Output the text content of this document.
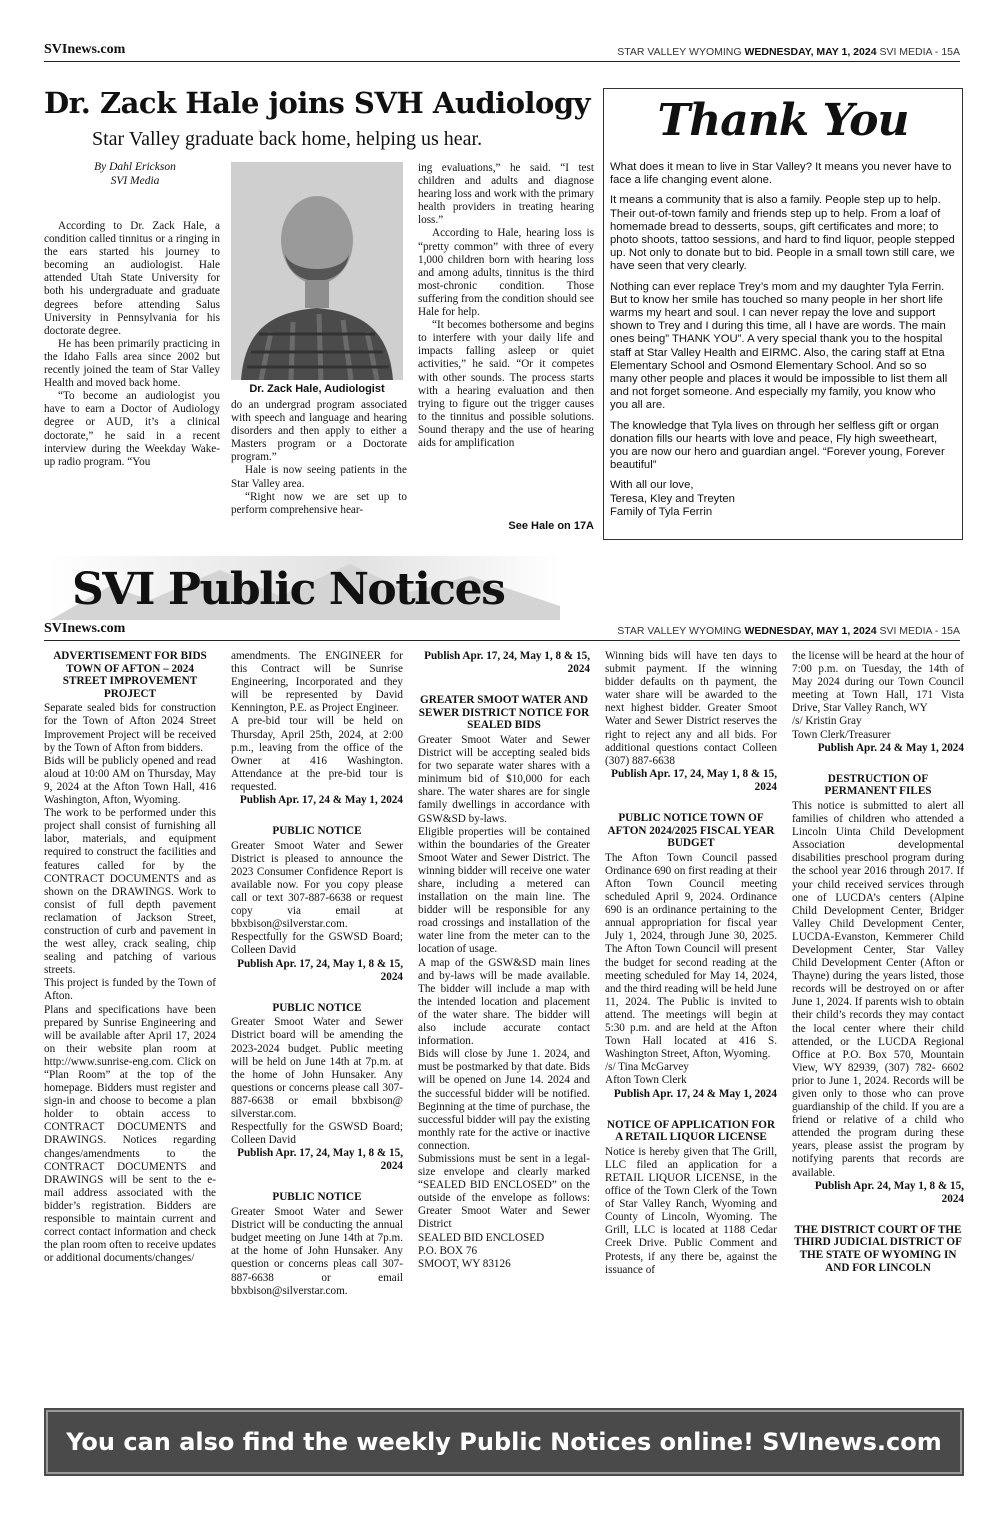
SVInews.com	STAR VALLEY WYOMING WEDNESDAY, MAY 1, 2024 SVI MEDIA - 15A
Dr. Zack Hale joins SVH Audiology
Star Valley graduate back home, helping us hear.
By Dahl Erickson
SVI Media

According to Dr. Zack Hale, a condition called tinnitus or a ringing in the ears started his journey to becoming an audiologist. Hale attended Utah State University for both his undergraduate and graduate degrees before attending Salus University in Pennsylvania for his doctorate degree.

He has been primarily practicing in the Idaho Falls area since 2002 but recently joined the team of Star Valley Health and moved back home.

“To become an audiologist you have to earn a Doctor of Audiology degree or AUD, it’s a clinical doctorate,” he said in a recent interview during the Weekday Wake-up radio program. “You

Dr. Zack Hale, Audiologist

do an undergrad program associated with speech and language and hearing disorders and then apply to either a Masters program or a Doctorate program.”

Hale is now seeing patients in the Star Valley area.

“Right now we are set up to perform comprehensive hear-

ing evaluations,” he said. “I test children and adults and diagnose hearing loss and work with the primary health providers in treating hearing loss.”

According to Hale, hearing loss is “pretty common” with three of every 1,000 children born with hearing loss and among adults, tinnitus is the third most-chronic condition. Those suffering from the condition should see Hale for help.

“It becomes bothersome and begins to interfere with your daily life and impacts falling asleep or quiet activities,” he said. “Or it competes with other sounds. The process starts with a hearing evaluation and then trying to figure out the trigger causes to the tinnitus and possible solutions. Sound therapy and the use of hearing aids for amplification

See Hale on 17A
Thank You

What does it mean to live in Star Valley? It means you never have to face a life changing event alone.

It means a community that is also a family. People step up to help. Their out-of-town family and friends step up to help. From a loaf of homemade bread to desserts, soups, gift certificates and more; to photo shoots, tattoo sessions, and hard to find liquor, people stepped up. Not only to donate but to bid. People in a small town still care, we have seen that very clearly.

Nothing can ever replace Trey’s mom and my daughter Tyla Ferrin. But to know her smile has touched so many people in her short life warms my heart and soul. I can never repay the love and support shown to Trey and I during this time, all I have are words. The main ones being” THANK YOU”. A very special thank you to the hospital staff at Star Valley Health and EIRMC. Also, the caring staff at Etna Elementary School and Osmond Elementary School. And so so many other people and places it would be impossible to list them all and not forget someone. And especially my family, you know who you all are.

The knowledge that Tyla lives on through her selfless gift or organ donation fills our hearts with love and peace, Fly high sweetheart, you are now our hero and guardian angel. “Forever young, Forever beautiful”

With all our love,
Teresa, Kley and Treyten
Family of Tyla Ferrin
SVI Public Notices
SVInews.com	STAR VALLEY WYOMING WEDNESDAY, MAY 1, 2024 SVI MEDIA - 15A
ADVERTISEMENT FOR BIDS TOWN OF AFTON – 2024 STREET IMPROVEMENT PROJECT
Separate sealed bids for construction for the Town of Afton 2024 Street Improvement Project will be received by the Town of Afton from bidders.
Bids will be publicly opened and read aloud at 10:00 AM on Thursday, May 9, 2024 at the Afton Town Hall, 416 Washington, Afton, Wyoming.
The work to be performed under this project shall consist of furnishing all labor, materials, and equipment required to construct the facilities and features called for by the CONTRACT DOCUMENTS and as shown on the DRAWINGS. Work to consist of full depth pavement reclamation of Jackson Street, construction of curb and pavement in the west alley, crack sealing, chip sealing and patching of various streets.
This project is funded by the Town of Afton.
Plans and specifications have been prepared by Sunrise Engineering and will be available after April 17, 2024 on their website plan room at http://www.sunrise-eng.com. Click on “Plan Room” at the top of the homepage. Bidders must register and sign-in and choose to become a plan holder to obtain access to CONTRACT DOCUMENTS and DRAWINGS. Notices regarding changes/amendments to the CONTRACT DOCUMENTS and DRAWINGS will be sent to the e-mail address associated with the bidder’s registration. Bidders are responsible to maintain current and correct contact information and check the plan room often to receive updates or additional documents/changes/
amendments. The ENGINEER for this Contract will be Sunrise Engineering, Incorporated and they will be represented by David Kennington, P.E. as Project Engineer.
A pre-bid tour will be held on Thursday, April 25th, 2024, at 2:00 p.m., leaving from the office of the Owner at 416 Washington. Attendance at the pre-bid tour is requested.
Publish Apr. 17, 24 & May 1, 2024
PUBLIC NOTICE
Greater Smoot Water and Sewer District is pleased to announce the 2023 Consumer Confidence Report is available now. For you copy please call or text 307-887-6638 or request copy via email at bbxbison@silverstar.com.
Respectfully for the GSWSD Board; Colleen David
Publish Apr. 17, 24, May 1, 8 & 15, 2024
PUBLIC NOTICE
Greater Smoot Water and Sewer District board will be amending the 2023-2024 budget. Public meeting will be held on June 14th at 7p.m. at the home of John Hunsaker. Any questions or concerns please call 307-887-6638 or email bbxbison@ silverstar.com.
Respectfully for the GSWSD Board; Colleen David
Publish Apr. 17, 24, May 1, 8 & 15, 2024
PUBLIC NOTICE
Greater Smoot Water and Sewer District will be conducting the annual budget meeting on June 14th at 7p.m. at the home of John Hunsaker. Any question or concerns pleas call 307-887-6638 or email bbxbison@silverstar.com.
Publish Apr. 17, 24, May 1, 8 & 15, 2024
GREATER SMOOT WATER AND SEWER DISTRICT NOTICE FOR SEALED BIDS
Greater Smoot Water and Sewer District will be accepting sealed bids for two separate water shares with a minimum bid of $10,000 for each share. The water shares are for single family dwellings in accordance with GSW&SD by-laws.
Eligible properties will be contained within the boundaries of the Greater Smoot Water and Sewer District. The winning bidder will receive one water share, including a metered can installation on the main line. The bidder will be responsible for any road crossings and installation of the water line from the meter can to the location of usage.
A map of the GSW&SD main lines and by-laws will be made available. The bidder will include a map with the intended location and placement of the water share. The bidder will also include accurate contact information.
Bids will close by June 1. 2024, and must be postmarked by that date. Bids will be opened on June 14. 2024 and the successful bidder will be notified. Beginning at the time of purchase, the successful bidder will pay the existing monthly rate for the active or inactive connection.
Submissions must be sent in a legal-size envelope and clearly marked “SEALED BID ENCLOSED” on the outside of the envelope as follows: Greater Smoot Water and Sewer District
SEALED BID ENCLOSED
P.O. BOX 76
SMOOT, WY 83126
Winning bids will have ten days to submit payment. If the winning bidder defaults on th payment, the water share will be awarded to the next highest bidder. Greater Smoot Water and Sewer District reserves the right to reject any and all bids. For additional questions contact Colleen (307) 887-6638
Publish Apr. 17, 24, May 1, 8 & 15, 2024
PUBLIC NOTICE TOWN OF AFTON 2024/2025 FISCAL YEAR BUDGET
The Afton Town Council passed Ordinance 690 on first reading at their Afton Town Council meeting scheduled April 9, 2024. Ordinance 690 is an ordinance pertaining to the annual appropriation for fiscal year July 1, 2024, through June 30, 2025. The Afton Town Council will present the budget for second reading at the meeting scheduled for May 14, 2024, and the third reading will be held June 11, 2024. The Public is invited to attend. The meetings will begin at 5:30 p.m. and are held at the Afton Town Hall located at 416 S. Washington Street, Afton, Wyoming.
/s/ Tina McGarvey
Afton Town Clerk
Publish Apr. 17, 24 & May 1, 2024
NOTICE OF APPLICATION FOR A RETAIL LIQUOR LICENSE
Notice is hereby given that The Grill, LLC filed an application for a RETAIL LIQUOR LICENSE, in the office of the Town Clerk of the Town of Star Valley Ranch, Wyoming and County of Lincoln, Wyoming. The Grill, LLC is located at 1188 Cedar Creek Drive. Public Comment and Protests, if any there be, against the issuance of
the license will be heard at the hour of 7:00 p.m. on Tuesday, the 14th of May 2024 during our Town Council meeting at Town Hall, 171 Vista Drive, Star Valley Ranch, WY
/s/ Kristin Gray
Town Clerk/Treasurer
Publish Apr. 24 & May 1, 2024
DESTRUCTION OF PERMANENT FILES
This notice is submitted to alert all families of children who attended a Lincoln Uinta Child Development Association developmental disabilities preschool program during the school year 2016 through 2017. If your child received services through one of LUCDA’s centers (Alpine Child Development Center, Bridger Valley Child Development Center, LUCDA-Evanston, Kemmerer Child Development Center, Star Valley Child Development Center (Afton or Thayne) during the years listed, those records will be destroyed on or after June 1, 2024. If parents wish to obtain their child’s records they may contact the local center where their child attended, or the LUCDA Regional Office at P.O. Box 570, Mountain View, WY 82939, (307) 782- 6602 prior to June 1, 2024. Records will be given only to those who can prove guardianship of the child. If you are a friend or relative of a child who attended the program during these years, please assist the program by notifying parents that records are available.
Publish Apr. 24, May 1, 8 & 15, 2024
THE DISTRICT COURT OF THE THIRD JUDICIAL DISTRICT OF THE STATE OF WYOMING IN AND FOR LINCOLN
You can also find the weekly Public Notices online! SVInews.com
